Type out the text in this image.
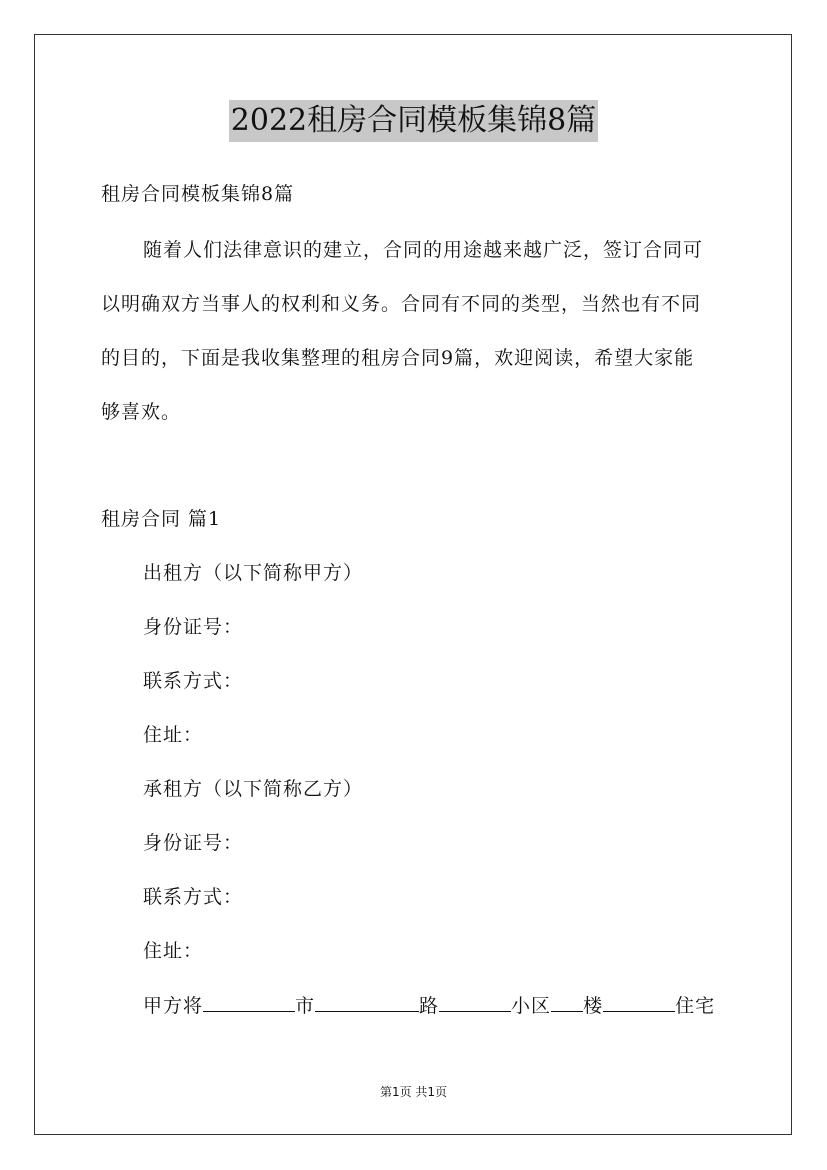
2022租房合同模板集锦8篇
租房合同模板集锦8篇
随着人们法律意识的建立，合同的用途越来越广泛，签订合同可
以明确双方当事人的权利和义务。合同有不同的类型，当然也有不同
的目的，下面是我收集整理的租房合同9篇，欢迎阅读，希望大家能
够喜欢。
租房合同 篇1
出租方（以下简称甲方）
身份证号：
联系方式：
住址：
承租方（以下简称乙方）
身份证号：
联系方式：
住址：
甲方将	市	路	小区 楼	住宅
第1页 共1页
